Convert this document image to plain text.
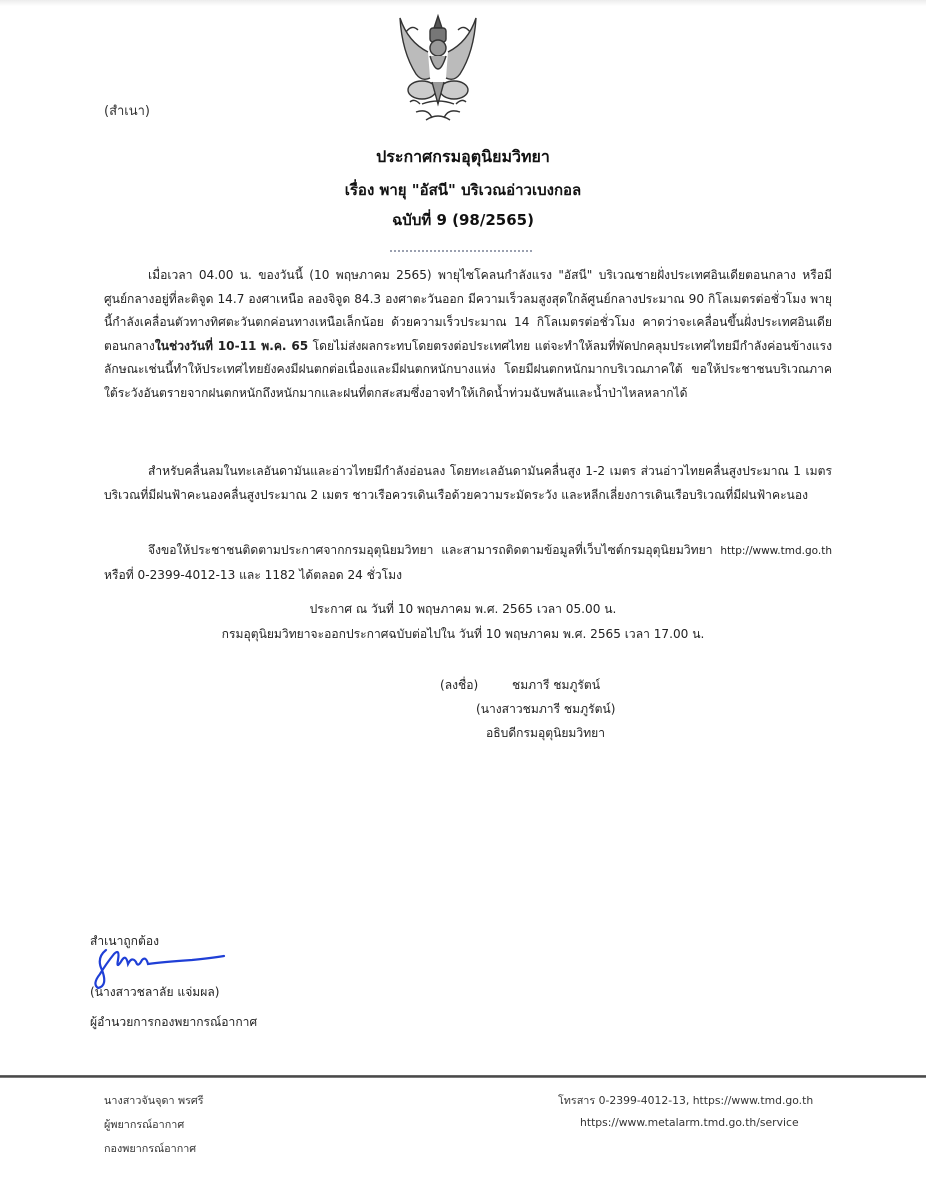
(สำเนา)
ประกาศกรมอุตุนิยมวิทยา
เรื่อง พายุ "อัสนี" บริเวณอ่าวเบงกอล
ฉบับที่ 9 (98/2565)
เมื่อเวลา 04.00 น. ของวันนี้ (10 พฤษภาคม 2565) พายุไซโคลนกำลังแรง "อัสนี" บริเวณชายฝั่งประเทศอินเดียตอนกลาง หรือมีศูนย์กลางอยู่ที่ละติจูด 14.7 องศาเหนือ ลองจิจูด 84.3 องศาตะวันออก มีความเร็วลมสูงสุดใกล้ศูนย์กลางประมาณ 90 กิโลเมตรต่อชั่วโมง พายุนี้กำลังเคลื่อนตัวทางทิศตะวันตกค่อนทางเหนือเล็กน้อย ด้วยความเร็วประมาณ 14 กิโลเมตรต่อชั่วโมง คาดว่าจะเคลื่อนขึ้นฝั่งประเทศอินเดียตอนกลางในช่วงวันที่ 10-11 พ.ค. 65 โดยไม่ส่งผลกระทบโดยตรงต่อประเทศไทย แต่จะทำให้ลมที่พัดปกคลุมประเทศไทยมีกำลังค่อนข้างแรง ลักษณะเช่นนี้ทำให้ประเทศไทยยังคงมีฝนตกต่อเนื่องและมีฝนตกหนักบางแห่ง โดยมีฝนตกหนักมากบริเวณภาคใต้ ขอให้ประชาชนบริเวณภาคใต้ระวังอันตรายจากฝนตกหนักถึงหนักมากและฝนที่ตกสะสมซึ่งอาจทำให้เกิดน้ำท่วมฉับพลันและน้ำป่าไหลหลากได้
สำหรับคลื่นลมในทะเลอันดามันและอ่าวไทยมีกำลังอ่อนลง โดยทะเลอันดามันคลื่นสูง 1-2 เมตร ส่วนอ่าวไทยคลื่นสูงประมาณ 1 เมตร บริเวณที่มีฝนฟ้าคะนองคลื่นสูงประมาณ 2 เมตร ชาวเรือควรเดินเรือด้วยความระมัดระวัง และหลีกเลี่ยงการเดินเรือบริเวณที่มีฝนฟ้าคะนอง
จึงขอให้ประชาชนติดตามประกาศจากกรมอุตุนิยมวิทยา และสามารถติดตามข้อมูลที่เว็บไซต์กรมอุตุนิยมวิทยา http://www.tmd.go.th หรือที่ 0-2399-4012-13 และ 1182 ได้ตลอด 24 ชั่วโมง
ประกาศ ณ วันที่ 10 พฤษภาคม พ.ศ. 2565 เวลา 05.00 น.
กรมอุตุนิยมวิทยาจะออกประกาศฉบับต่อไปใน วันที่ 10 พฤษภาคม พ.ศ. 2565 เวลา 17.00 น.
(ลงชื่อ)	ชมภารี ชมภูรัตน์
(นางสาวชมภารี ชมภูรัตน์)
อธิบดีกรมอุตุนิยมวิทยา
สำเนาถูกต้อง
(นางสาวชลาลัย แจ่มผล)
ผู้อำนวยการกองพยากรณ์อากาศ
นางสาวจันจุดา พรศรี
ผู้พยากรณ์อากาศ
กองพยากรณ์อากาศ
โทรสาร 0-2399-4012-13, https://www.tmd.go.th
https://www.metalarm.tmd.go.th/service
